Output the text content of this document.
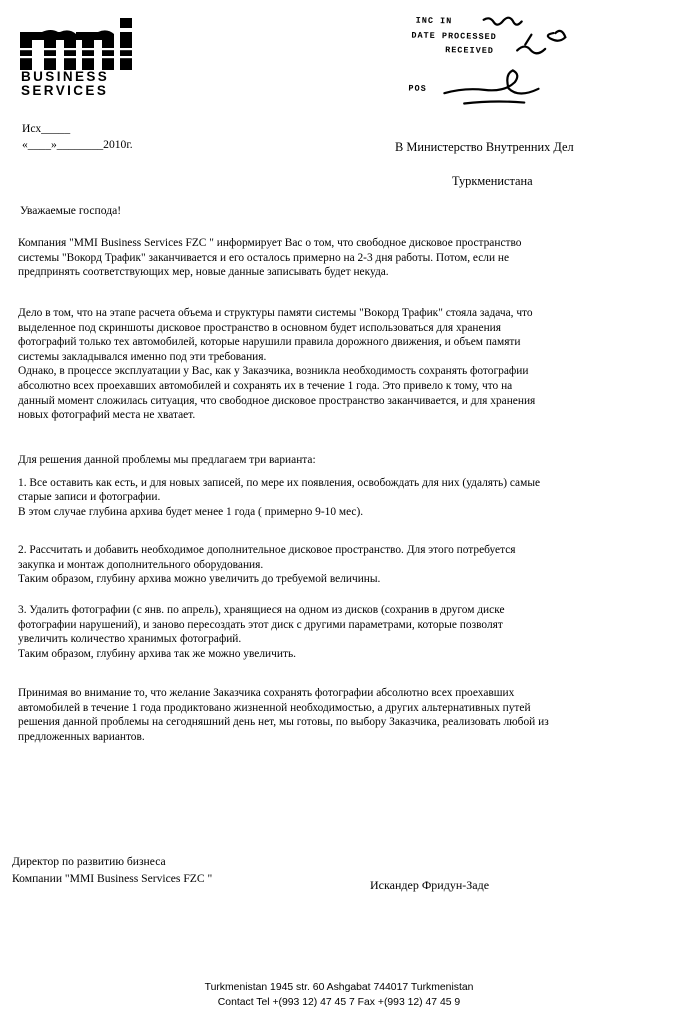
mmi
BUSINESS
SERVICES
INC IN
DATE PROCESSED
RECEIVED
POS
Исх_____
«____»________2010г.	В Министерство Внутренних Дел
Туркменистана
Уважаемые господа!
Компания "MMI Business Services FZC " информирует Вас о том, что свободное дисковое пространство
системы "Вокорд Трафик" заканчивается и его осталось примерно на 2-3 дня работы. Потом, если не
предпринять соответствующих мер, новые данные записывать будет некуда.
Дело в том, что на этапе расчета объема и структуры памяти системы "Вокорд Трафик" стояла задача, что
выделенное под скриншоты дисковое пространство в основном будет использоваться для хранения
фотографий только тех автомобилей, которые нарушили правила дорожного движения, и объем памяти
системы закладывался именно под эти требования.
Однако, в процессе эксплуатации у Вас, как у Заказчика, возникла необходимость сохранять фотографии
абсолютно всех проехавших автомобилей и сохранять их в течение 1 года. Это привело к тому, что на
данный момент сложилась ситуация, что свободное дисковое пространство заканчивается, и для хранения
новых фотографий места не хватает.
Для решения данной проблемы мы предлагаем три варианта:
1. Все оставить как есть, и для новых записей, по мере их появления, освобождать для них (удалять) самые
старые записи и фотографии.
В этом случае глубина архива будет менее 1 года ( примерно 9-10 мес).
2. Рассчитать и добавить необходимое дополнительное дисковое пространство. Для этого потребуется
закупка и монтаж дополнительного оборудования.
Таким образом, глубину архива можно увеличить до требуемой величины.
3. Удалить фотографии (с янв. по апрель), хранящиеся на одном из дисков (сохранив в другом диске
фотографии нарушений), и заново пересоздать этот диск с другими параметрами, которые позволят
увеличить количество хранимых фотографий.
Таким образом, глубину архива так же можно увеличить.
Принимая во внимание то, что желание Заказчика сохранять фотографии абсолютно всех проехавших
автомобилей в течение 1 года продиктовано жизненной необходимостью, а других альтернативных путей
решения данной проблемы на сегодняшний день нет, мы готовы, по выбору Заказчика, реализовать любой из
предложенных вариантов.
Директор по развитию бизнеса
Компании "MMI Business Services FZC "	Искандер Фридун-Заде
Turkmenistan 1945 str. 60 Ashgabat 744017 Turkmenistan
Contact Tel +(993 12) 47 45 7 Fax +(993 12) 47 45 9
